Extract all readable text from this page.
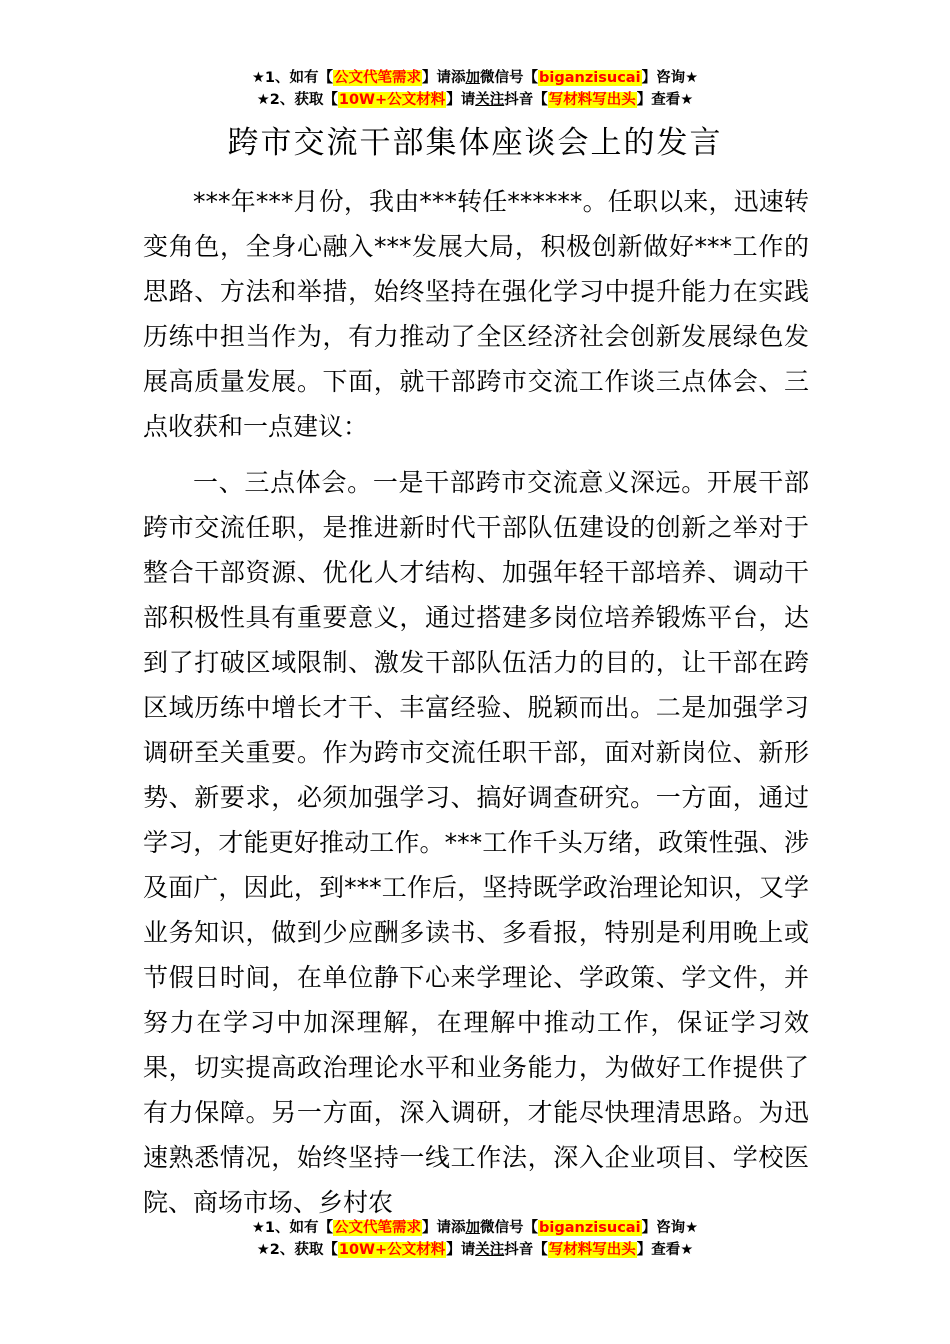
★1、如有【公文代笔需求】请添加微信号【biganzisucai】咨询★
★2、获取【10W+公文材料】请关注抖音【写材料写出头】查看★
跨市交流干部集体座谈会上的发言

***年***月份，我由***转任******。任职以来，迅速转变角色，全身心融入***发展大局，积极创新做好***工作的思路、方法和举措，始终坚持在强化学习中提升能力在实践历练中担当作为，有力推动了全区经济社会创新发展绿色发展高质量发展。下面，就干部跨市交流工作谈三点体会、三点收获和一点建议：

一、三点体会。一是干部跨市交流意义深远。开展干部跨市交流任职，是推进新时代干部队伍建设的创新之举对于整合干部资源、优化人才结构、加强年轻干部培养、调动干部积极性具有重要意义，通过搭建多岗位培养锻炼平台，达到了打破区域限制、激发干部队伍活力的目的，让干部在跨区域历练中增长才干、丰富经验、脱颖而出。二是加强学习调研至关重要。作为跨市交流任职干部，面对新岗位、新形势、新要求，必须加强学习、搞好调查研究。一方面，通过学习，才能更好推动工作。***工作千头万绪，政策性强、涉及面广，因此，到***工作后，坚持既学政治理论知识，又学业务知识，做到少应酬多读书、多看报，特别是利用晚上或节假日时间，在单位静下心来学理论、学政策、学文件，并努力在学习中加深理解，在理解中推动工作，保证学习效果，切实提高政治理论水平和业务能力，为做好工作提供了有力保障。另一方面，深入调研，才能尽快理清思路。为迅速熟悉情况，始终坚持一线工作法，深入企业项目、学校医院、商场市场、乡村农

★1、如有【公文代笔需求】请添加微信号【biganzisucai】咨询★
★2、获取【10W+公文材料】请关注抖音【写材料写出头】查看★
